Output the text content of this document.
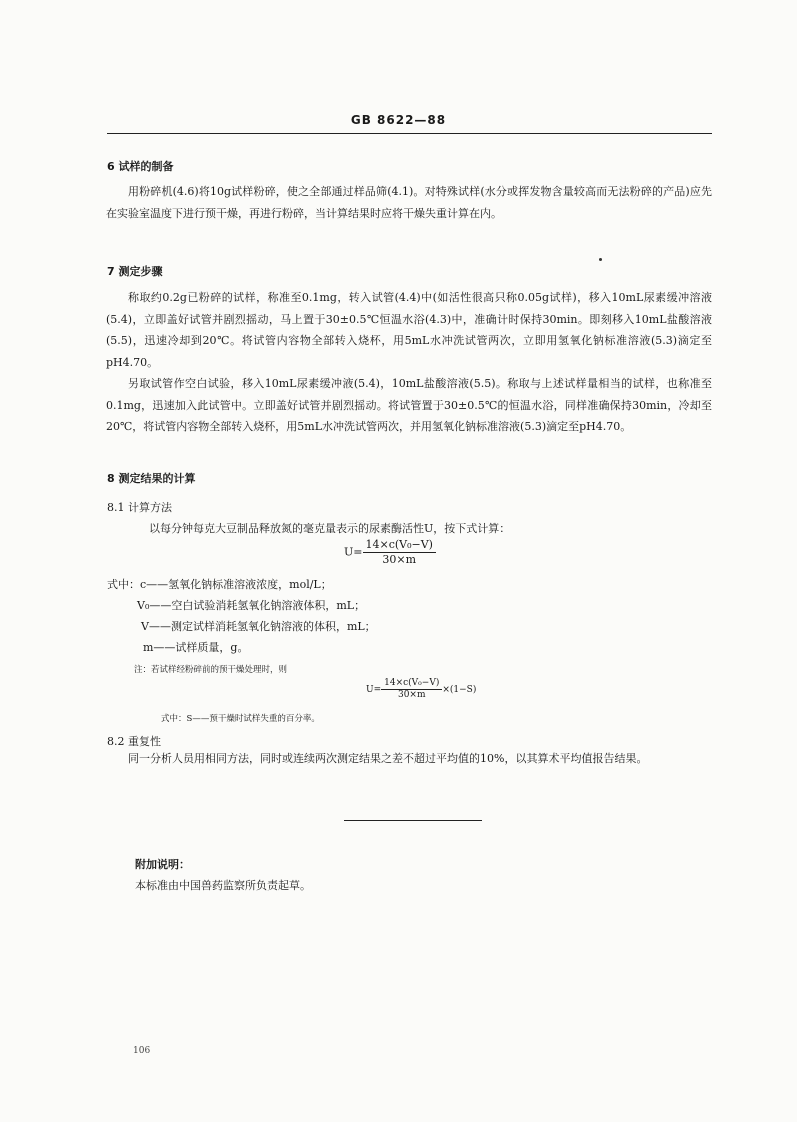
GB 8622—88
6 试样的制备
用粉碎机(4.6)将10g试样粉碎，使之全部通过样品筛(4.1)。对特殊试样(水分或挥发物含量较高而无法粉碎的产品)应先在实验室温度下进行预干燥，再进行粉碎，当计算结果时应将干燥失重计算在内。
7 测定步骤
称取约0.2g已粉碎的试样，称准至0.1mg，转入试管(4.4)中(如活性很高只称0.05g试样)，移入10mL尿素缓冲溶液(5.4)，立即盖好试管并剧烈摇动，马上置于30±0.5℃恒温水浴(4.3)中，准确计时保持30min。即刻移入10mL盐酸溶液(5.5)，迅速冷却到20℃。将试管内容物全部转入烧杯，用5mL水冲洗试管两次，立即用氢氧化钠标准溶液(5.3)滴定至pH4.70。
另取试管作空白试验，移入10mL尿素缓冲液(5.4)，10mL盐酸溶液(5.5)。称取与上述试样量相当的试样，也称准至0.1mg，迅速加入此试管中。立即盖好试管并剧烈摇动。将试管置于30±0.5℃的恒温水浴，同样准确保持30min，冷却至20℃，将试管内容物全部转入烧杯，用5mL水冲洗试管两次，并用氢氧化钠标准溶液(5.3)滴定至pH4.70。
8 测定结果的计算
8.1 计算方法
以每分钟每克大豆制品释放氮的毫克量表示的尿素酶活性U，按下式计算：
$U= \frac{\text{14×c(V₀−V)}}{30\times m}$
式中：c——氢氧化钠标准溶液浓度，mol/L；
V₀——空白试验消耗氢氧化钠溶液体积，mL；
V——测定试样消耗氢氧化钠溶液的体积，mL；
m——试样质量，g。
注：若试样经粉碎前的预干燥处理时，则
$U= \frac{\text{14×c(V₀−V)}}{30\times m} \times(1-S)$
式中：S——预干燥时试样失重的百分率。
8.2 重复性
同一分析人员用相同方法，同时或连续两次测定结果之差不超过平均值的10%，以其算术平均值报告结果。
附加说明：
本标准由中国兽药监察所负责起草。
106
